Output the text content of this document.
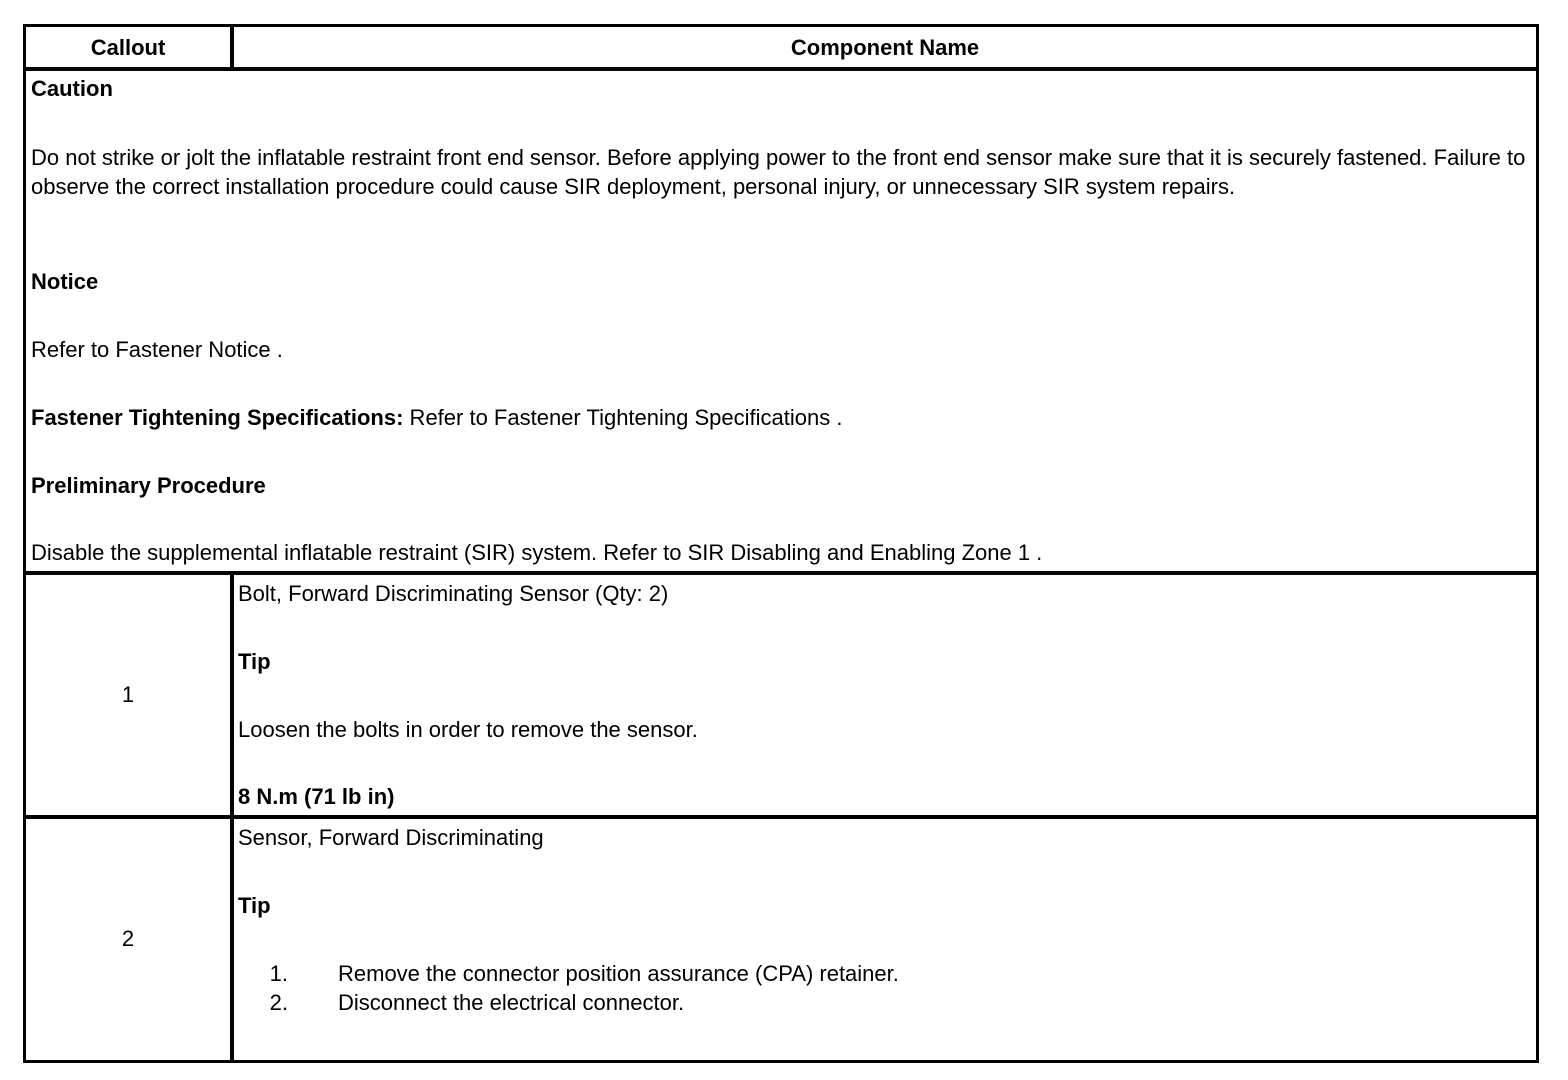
Callout	Component Name
Caution
Do not strike or jolt the inflatable restraint front end sensor. Before applying power to the front end sensor make sure that it is securely fastened. Failure to observe the correct installation procedure could cause SIR deployment, personal injury, or unnecessary SIR system repairs.
Notice
Refer to Fastener Notice .
Fastener Tightening Specifications: Refer to Fastener Tightening Specifications .
Preliminary Procedure
Disable the supplemental inflatable restraint (SIR) system. Refer to SIR Disabling and Enabling Zone 1 .
1
Bolt, Forward Discriminating Sensor (Qty: 2)
Tip
Loosen the bolts in order to remove the sensor.
8 N.m (71 lb in)
2
Sensor, Forward Discriminating
Tip
1. Remove the connector position assurance (CPA) retainer.
2. Disconnect the electrical connector.
